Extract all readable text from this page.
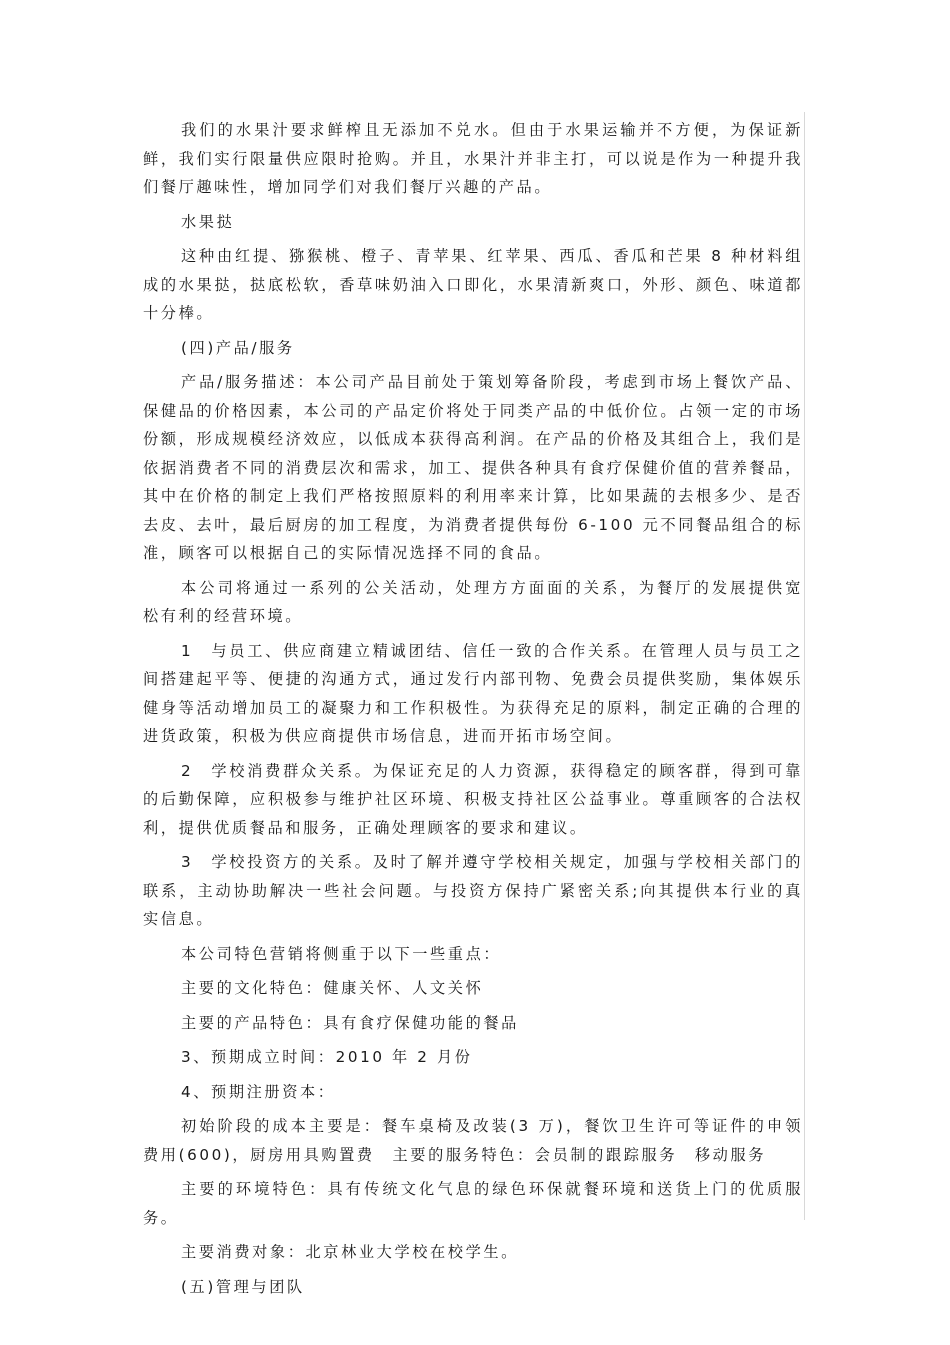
我们的水果汁要求鲜榨且无添加不兑水。但由于水果运输并不方便，为保证新鲜，我们实行限量供应限时抢购。并且，水果汁并非主打，可以说是作为一种提升我们餐厅趣味性，增加同学们对我们餐厅兴趣的产品。

水果挞

这种由红提、猕猴桃、橙子、青苹果、红苹果、西瓜、香瓜和芒果 8 种材料组成的水果挞，挞底松软，香草味奶油入口即化，水果清新爽口，外形、颜色、味道都十分棒。

(四)产品/服务

产品/服务描述：本公司产品目前处于策划筹备阶段，考虑到市场上餐饮产品、保健品的价格因素，本公司的产品定价将处于同类产品的中低价位。占领一定的市场份额，形成规模经济效应，以低成本获得高利润。在产品的价格及其组合上，我们是依据消费者不同的消费层次和需求，加工、提供各种具有食疗保健价值的营养餐品，其中在价格的制定上我们严格按照原料的利用率来计算，比如果蔬的去根多少、是否去皮、去叶，最后厨房的加工程度，为消费者提供每份 6-100 元不同餐品组合的标准，顾客可以根据自己的实际情况选择不同的食品。

本公司将通过一系列的公关活动，处理方方面面的关系，为餐厅的发展提供宽松有利的经营环境。

1　与员工、供应商建立精诚团结、信任一致的合作关系。在管理人员与员工之间搭建起平等、便捷的沟通方式，通过发行内部刊物、免费会员提供奖励，集体娱乐健身等活动增加员工的凝聚力和工作积极性。为获得充足的原料，制定正确的合理的进货政策，积极为供应商提供市场信息，进而开拓市场空间。

2　学校消费群众关系。为保证充足的人力资源，获得稳定的顾客群，得到可靠的后勤保障，应积极参与维护社区环境、积极支持社区公益事业。尊重顾客的合法权利，提供优质餐品和服务，正确处理顾客的要求和建议。

3　学校投资方的关系。及时了解并遵守学校相关规定，加强与学校相关部门的联系，主动协助解决一些社会问题。与投资方保持广紧密关系;向其提供本行业的真实信息。

本公司特色营销将侧重于以下一些重点：

主要的文化特色：健康关怀、人文关怀

主要的产品特色：具有食疗保健功能的餐品

3、预期成立时间：2010 年 2 月份

4、预期注册资本：

初始阶段的成本主要是：餐车桌椅及改装(3 万)，餐饮卫生许可等证件的申领费用(600)，厨房用具购置费　主要的服务特色：会员制的跟踪服务　移动服务

主要的环境特色：具有传统文化气息的绿色环保就餐环境和送货上门的优质服务。

主要消费对象：北京林业大学校在校学生。

(五)管理与团队
